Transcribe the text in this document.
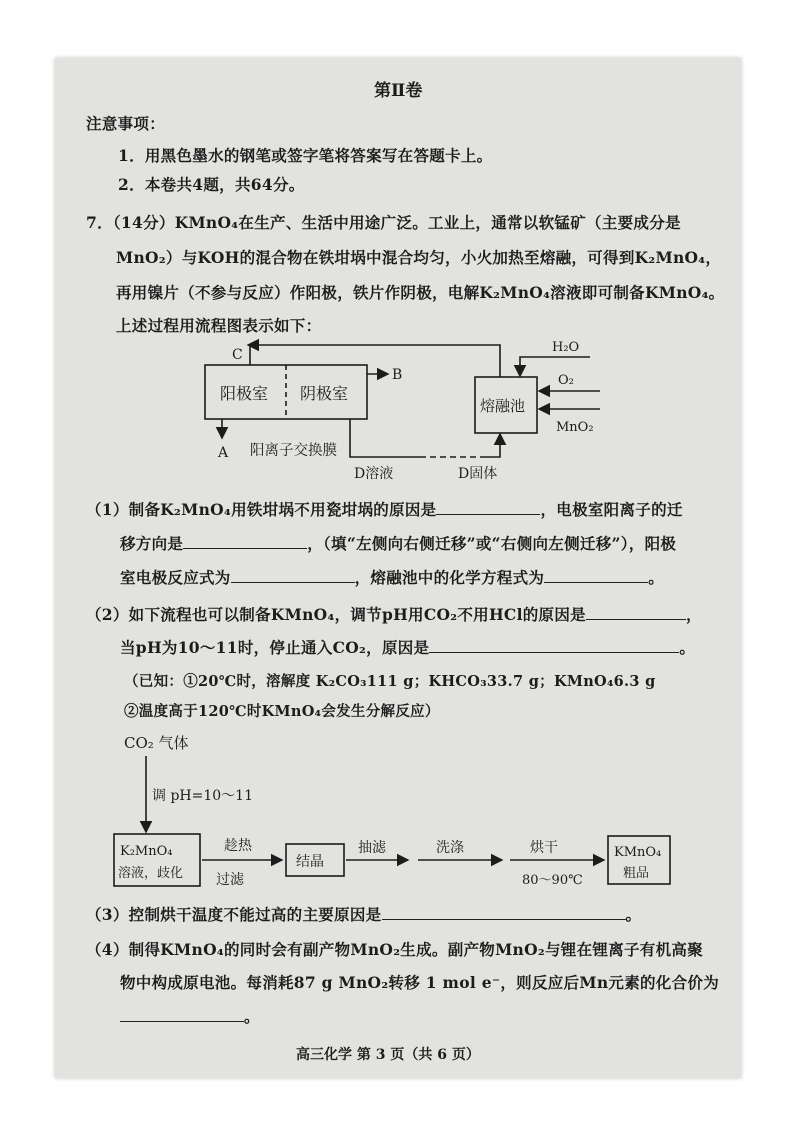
第Ⅱ卷
注意事项：
1．用黑色墨水的钢笔或签字笔将答案写在答题卡上。
2．本卷共4题，共64分。
7．（14分）KMnO₄在生产、生活中用途广泛。工业上，通常以软锰矿（主要成分是
MnO₂）与KOH的混合物在铁坩埚中混合均匀，小火加热至熔融，可得到K₂MnO₄，
再用镍片（不参与反应）作阳极，铁片作阴极，电解K₂MnO₄溶液即可制备KMnO₄。
上述过程用流程图表示如下：
阳极室 阴极室
C
B
A 阳离子交换膜
D溶液	D固体
熔融池
H₂O
O₂
MnO₂
（1）制备K₂MnO₄用铁坩埚不用瓷坩埚的原因是	，电极室阳离子的迁
移方向是	，（填“左侧向右侧迁移”或“右侧向左侧迁移”），阳极
室电极反应式为	，熔融池中的化学方程式为	。
（2）如下流程也可以制备KMnO₄，调节pH用CO₂不用HCl的原因是	，
当pH为10～11时，停止通入CO₂，原因是	。
（已知：①20℃时，溶解度 K₂CO₃111 g；KHCO₃33.7 g；KMnO₄6.3 g
②温度高于120℃时KMnO₄会发生分解反应）
CO₂ 气体
调 pH=10～11
K₂MnO₄
溶液，歧化
趁热
过滤
结晶
抽滤	洗涤	烘干
80～90℃
KMnO₄
粗品
（3）控制烘干温度不能过高的主要原因是	。
（4）制得KMnO₄的同时会有副产物MnO₂生成。副产物MnO₂与锂在锂离子有机高聚
物中构成原电池。每消耗87 g MnO₂转移 1 mol e⁻，则反应后Mn元素的化合价为
。
高三化学 第 3 页（共 6 页）
